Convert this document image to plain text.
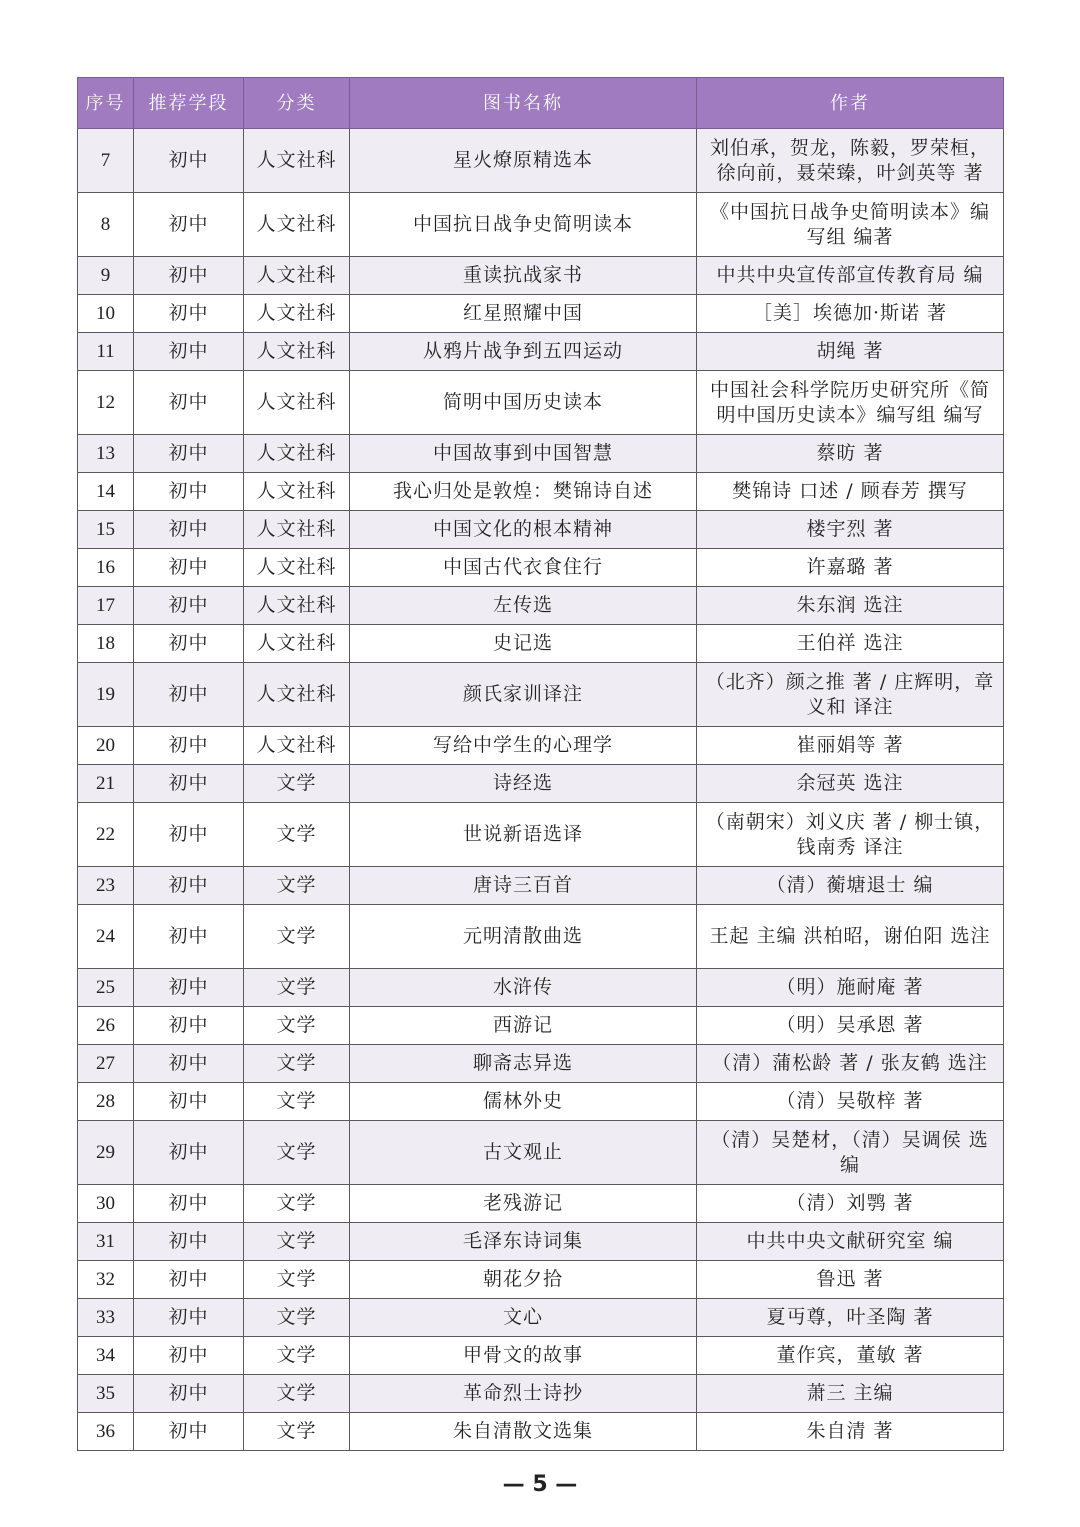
序号	推荐学段	分类	图书名称	作者
7	初中	人文社科	星火燎原精选本	刘伯承，贺龙，陈毅，罗荣桓，徐向前，聂荣臻，叶剑英等 著
8	初中	人文社科	中国抗日战争史简明读本	《中国抗日战争史简明读本》编写组 编著
9	初中	人文社科	重读抗战家书	中共中央宣传部宣传教育局 编
10	初中	人文社科	红星照耀中国	［美］埃德加·斯诺 著
11	初中	人文社科	从鸦片战争到五四运动	胡绳 著
12	初中	人文社科	简明中国历史读本	中国社会科学院历史研究所《简明中国历史读本》编写组 编写
13	初中	人文社科	中国故事到中国智慧	蔡昉 著
14	初中	人文社科	我心归处是敦煌：樊锦诗自述	樊锦诗 口述 / 顾春芳 撰写
15	初中	人文社科	中国文化的根本精神	楼宇烈 著
16	初中	人文社科	中国古代衣食住行	许嘉璐 著
17	初中	人文社科	左传选	朱东润 选注
18	初中	人文社科	史记选	王伯祥 选注
19	初中	人文社科	颜氏家训译注	（北齐）颜之推 著 / 庄辉明，章义和 译注
20	初中	人文社科	写给中学生的心理学	崔丽娟等 著
21	初中	文学	诗经选	余冠英 选注
22	初中	文学	世说新语选译	（南朝宋）刘义庆 著 / 柳士镇，钱南秀 译注
23	初中	文学	唐诗三百首	（清）蘅塘退士 编
24	初中	文学	元明清散曲选	王起 主编 洪柏昭，谢伯阳 选注
25	初中	文学	水浒传	（明）施耐庵 著
26	初中	文学	西游记	（明）吴承恩 著
27	初中	文学	聊斋志异选	（清）蒲松龄 著 / 张友鹤 选注
28	初中	文学	儒林外史	（清）吴敬梓 著
29	初中	文学	古文观止	（清）吴楚材，（清）吴调侯 选编
30	初中	文学	老残游记	（清）刘鹗 著
31	初中	文学	毛泽东诗词集	中共中央文献研究室 编
32	初中	文学	朝花夕拾	鲁迅 著
33	初中	文学	文心	夏丏尊，叶圣陶 著
34	初中	文学	甲骨文的故事	董作宾，董敏 著
35	初中	文学	革命烈士诗抄	萧三 主编
36	初中	文学	朱自清散文选集	朱自清 著
— 5 —
